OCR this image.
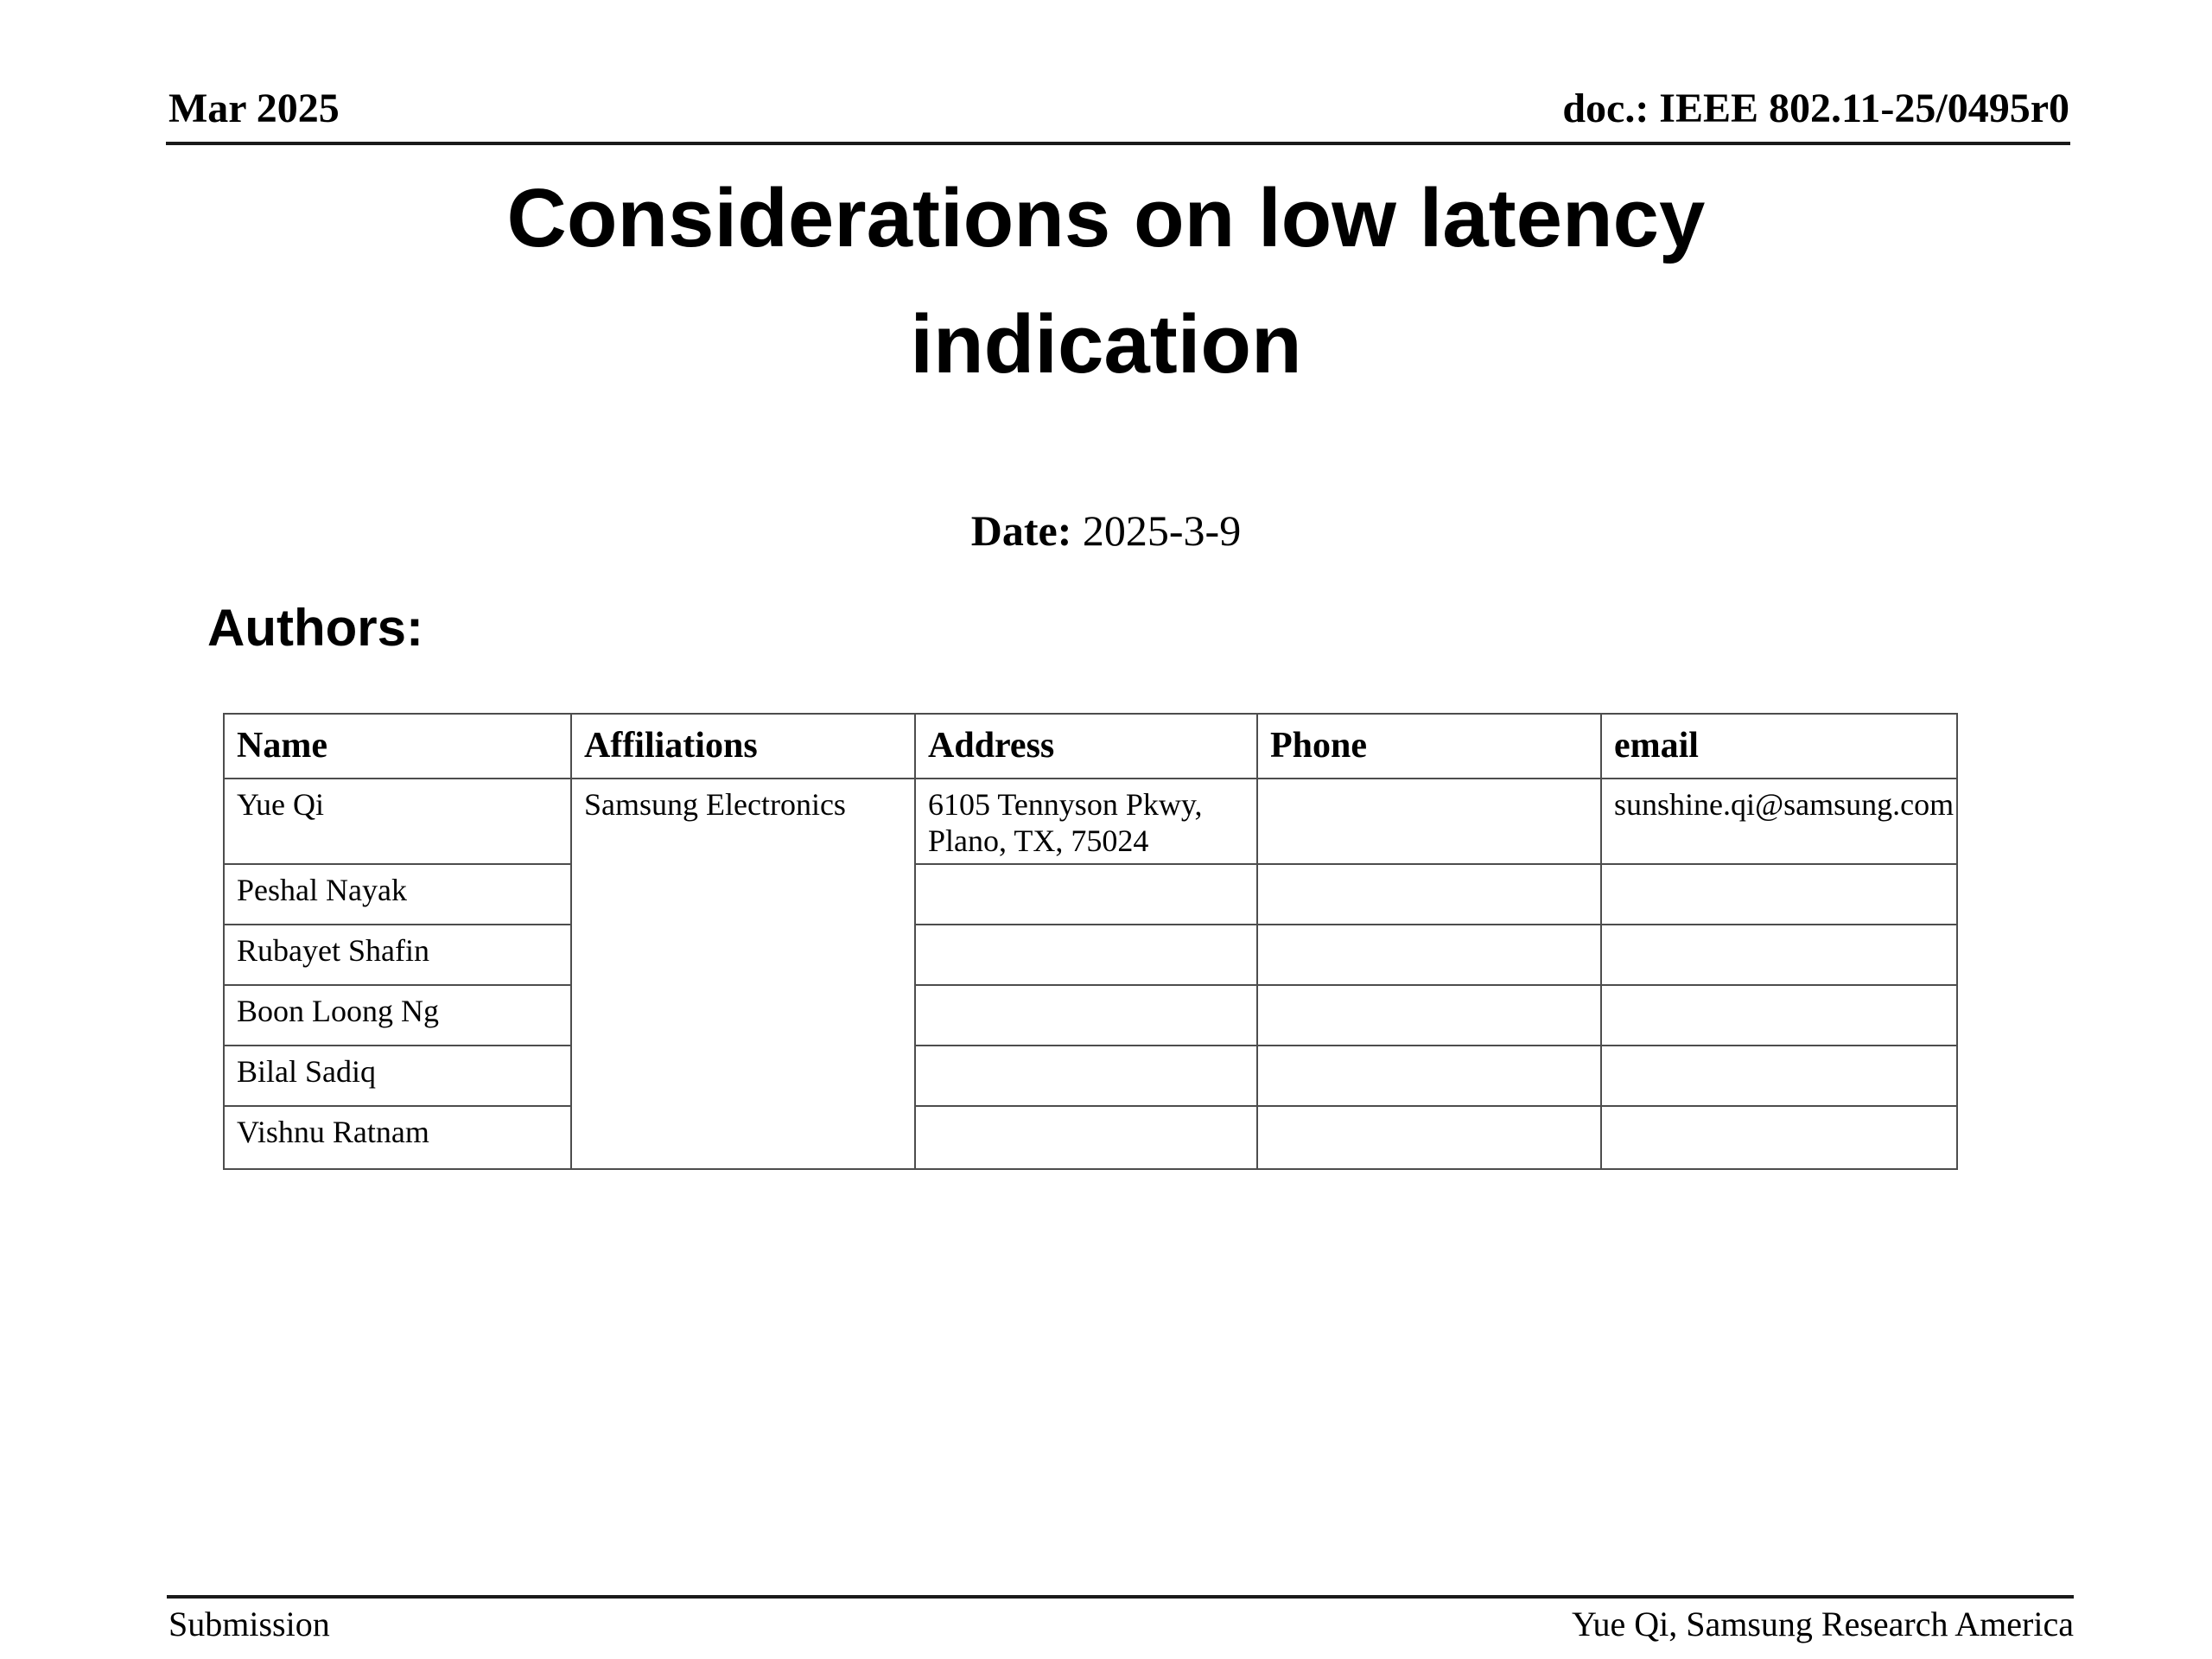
Mar 2025	doc.: IEEE 802.11-25/0495r0
Considerations on low latency indication
Date: 2025-3-9
Authors:
Name	Affiliations	Address	Phone	email
Yue Qi	Samsung Electronics	6105 Tennyson Pkwy, Plano, TX, 75024		sunshine.qi@samsung.com
Peshal Nayak				
Rubayet Shafin				
Boon Loong Ng				
Bilal Sadiq				
Vishnu Ratnam				
Submission	Yue Qi, Samsung Research America
